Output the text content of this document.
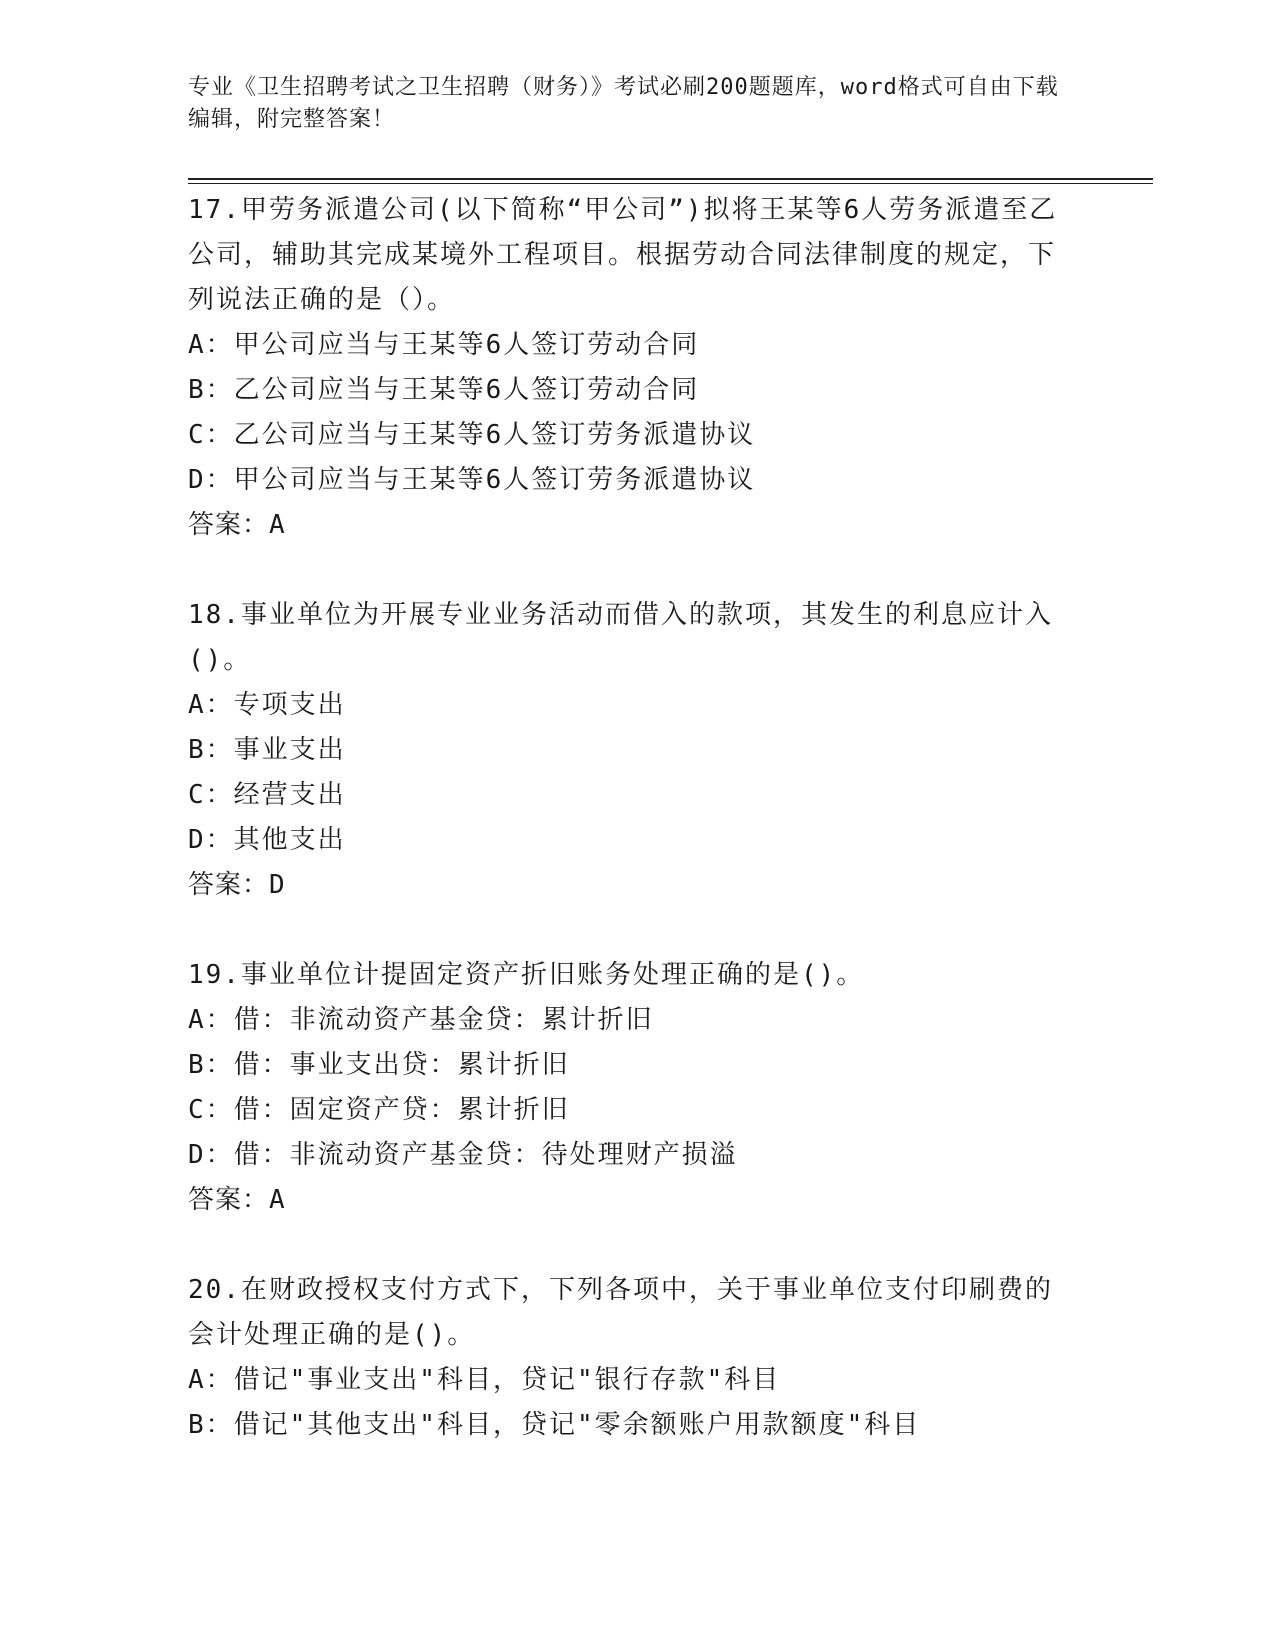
专业《卫生招聘考试之卫生招聘（财务）》考试必刷200题题库，word格式可自由下载编辑，附完整答案！

17.甲劳务派遣公司(以下简称“甲公司”)拟将王某等6人劳务派遣至乙公司，辅助其完成某境外工程项目。根据劳动合同法律制度的规定，下列说法正确的是（）。

A：甲公司应当与王某等6人签订劳动合同

B：乙公司应当与王某等6人签订劳动合同

C：乙公司应当与王某等6人签订劳务派遣协议

D：甲公司应当与王某等6人签订劳务派遣协议

答案：A

18.事业单位为开展专业业务活动而借入的款项，其发生的利息应计入()。

A：专项支出

B：事业支出

C：经营支出

D：其他支出

答案：D

19.事业单位计提固定资产折旧账务处理正确的是()。

A：借：非流动资产基金贷：累计折旧

B：借：事业支出贷：累计折旧

C：借：固定资产贷：累计折旧

D：借：非流动资产基金贷：待处理财产损溢

答案：A

20.在财政授权支付方式下，下列各项中，关于事业单位支付印刷费的会计处理正确的是()。

A：借记"事业支出"科目，贷记"银行存款"科目

B：借记"其他支出"科目，贷记"零余额账户用款额度"科目
